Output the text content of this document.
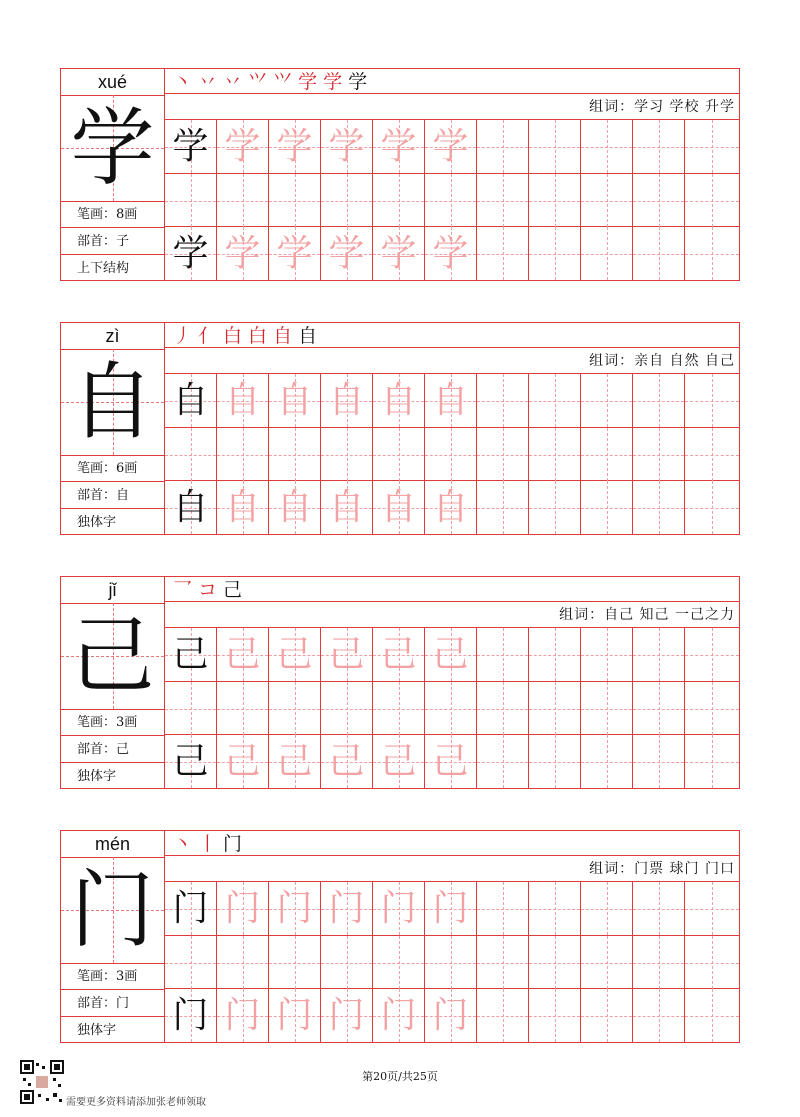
xué
学
笔画：8画
部首：子
上下结构
丶丷丷⺍⺍学学学
组词：学习 学校 升学
学 学 学 学 学 学
学 学 学 学 学 学
zì
自
笔画：6画
部首：自
独体字
丿亻白白自自
组词：亲自 自然 自己
自 自 自 自 自 自
自 自 自 自 自 自
jǐ
己
笔画：3画
部首：己
独体字
乛コ己
组词：自己 知己 一己之力
己 己 己 己 己 己
己 己 己 己 己 己
mén
门
笔画：3画
部首：门
独体字
丶丨门
组词：门票 球门 门口
门 门 门 门 门 门
门 门 门 门 门 门
第20页/共25页
需要更多资料请添加张老师领取
